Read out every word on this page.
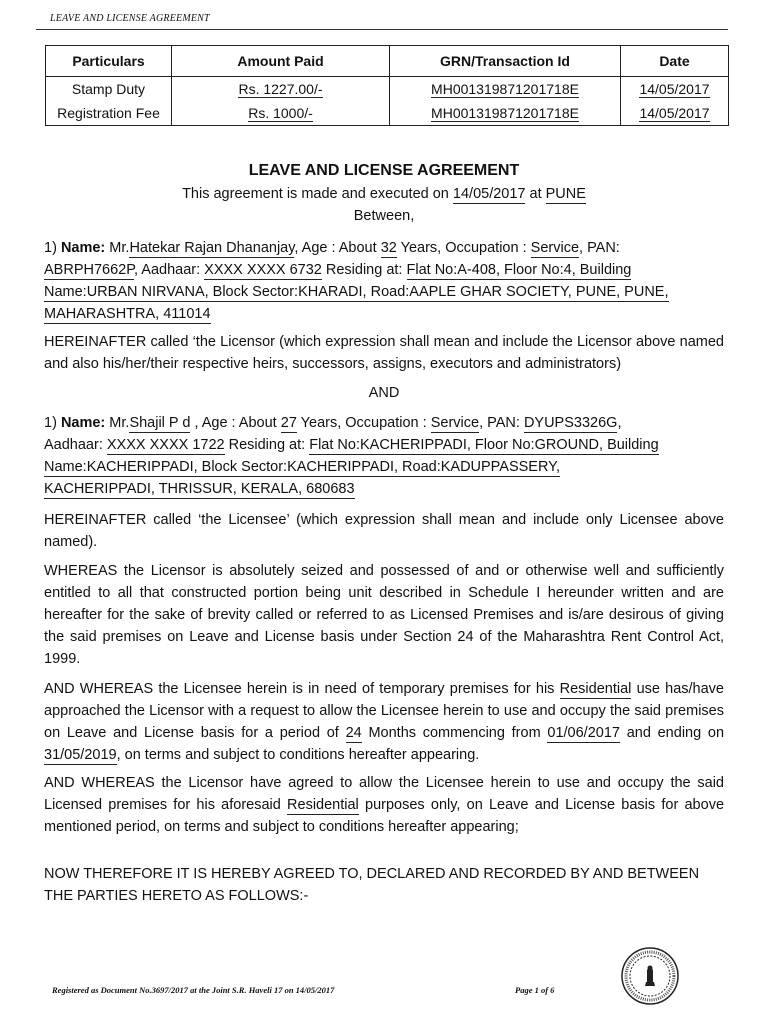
LEAVE AND LICENSE AGREEMENT
Particulars	Amount Paid	GRN/Transaction Id	Date
Stamp Duty	Rs. 1227.00/-	MH001319871201718E	14/05/2017
Registration Fee	Rs. 1000/-	MH001319871201718E	14/05/2017
LEAVE AND LICENSE AGREEMENT
This agreement is made and executed on 14/05/2017 at PUNE
Between,
1) Name: Mr.Hatekar Rajan Dhananjay, Age : About 32 Years, Occupation : Service, PAN:
ABRPH7662P, Aadhaar: XXXX XXXX 6732 Residing at: Flat No:A-408, Floor No:4, Building
Name:URBAN NIRVANA, Block Sector:KHARADI, Road:AAPLE GHAR SOCIETY, PUNE, PUNE,
MAHARASHTRA, 411014
HEREINAFTER called ‘the Licensor (which expression shall mean and include the Licensor above named and also his/her/their respective heirs, successors, assigns, executors and administrators)
AND
1) Name: Mr.Shajil P d , Age : About 27 Years, Occupation : Service, PAN: DYUPS3326G,
Aadhaar: XXXX XXXX 1722 Residing at: Flat No:KACHERIPPADI, Floor No:GROUND, Building
Name:KACHERIPPADI, Block Sector:KACHERIPPADI, Road:KADUPPASSERY,
KACHERIPPADI, THRISSUR, KERALA, 680683
HEREINAFTER called ‘the Licensee’ (which expression shall mean and include only Licensee above named).
WHEREAS the Licensor is absolutely seized and possessed of and or otherwise well and sufficiently entitled to all that constructed portion being unit described in Schedule I hereunder written and are hereafter for the sake of brevity called or referred to as Licensed Premises and is/are desirous of giving the said premises on Leave and License basis under Section 24 of the Maharashtra Rent Control Act, 1999.
AND WHEREAS the Licensee herein is in need of temporary premises for his Residential use has/have approached the Licensor with a request to allow the Licensee herein to use and occupy the said premises on Leave and License basis for a period of 24 Months commencing from 01/06/2017 and ending on 31/05/2019, on terms and subject to conditions hereafter appearing.
AND WHEREAS the Licensor have agreed to allow the Licensee herein to use and occupy the said Licensed premises for his aforesaid Residential purposes only, on Leave and License basis for above mentioned period, on terms and subject to conditions hereafter appearing;
NOW THEREFORE IT IS HEREBY AGREED TO, DECLARED AND RECORDED BY AND BETWEEN THE PARTIES HERETO AS FOLLOWS:-
Registered as Document No.3697/2017 at the Joint S.R. Haveli 17 on 14/05/2017	Page 1 of 6
